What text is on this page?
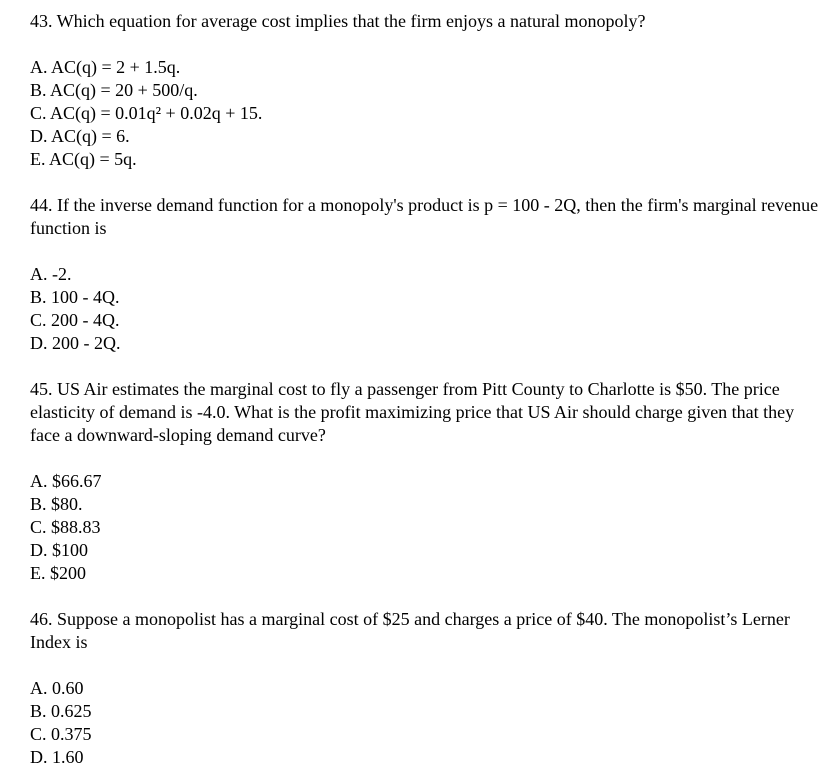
43. Which equation for average cost implies that the firm enjoys a natural monopoly?

A. AC(q) = 2 + 1.5q.
B. AC(q) = 20 + 500/q.
C. AC(q) = 0.01q² + 0.02q + 15.
D. AC(q) = 6.
E. AC(q) = 5q.

44. If the inverse demand function for a monopoly's product is p = 100 - 2Q, then the firm's marginal revenue function is

A. -2.
B. 100 - 4Q.
C. 200 - 4Q.
D. 200 - 2Q.

45. US Air estimates the marginal cost to fly a passenger from Pitt County to Charlotte is $50. The price elasticity of demand is -4.0. What is the profit maximizing price that US Air should charge given that they face a downward-sloping demand curve?

A. $66.67
B. $80.
C. $88.83
D. $100
E. $200

46. Suppose a monopolist has a marginal cost of $25 and charges a price of $40. The monopolist’s Lerner Index is

A. 0.60
B. 0.625
C. 0.375
D. 1.60
